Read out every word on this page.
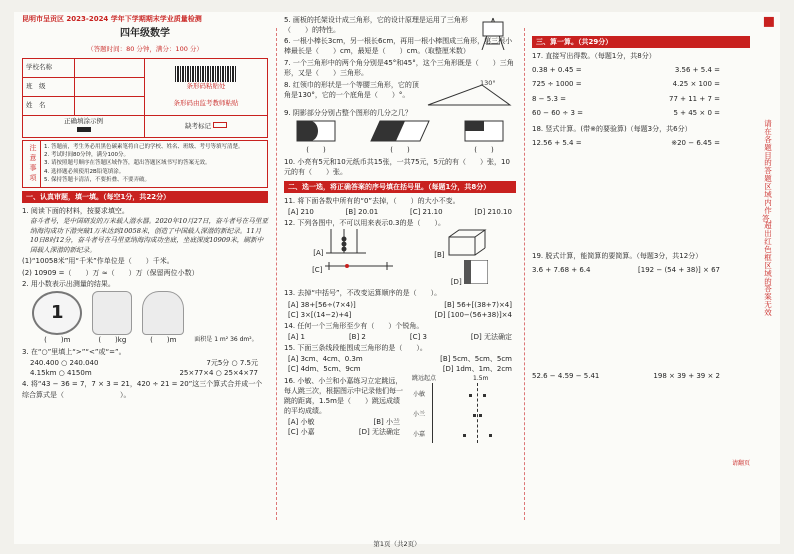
▪
昆明市呈贡区 2023-2024 学年下学期期末学业质量检测
四年级数学
（答题时间：80 分钟，满分：100 分）
学校名称		条形码粘贴处
条形码由监考教师粘贴

班　级		
姓　名		
正确填涂示例		缺考标记
注意事项	1. 答题前，考生务必用黑色碳素笔将自己的学校、姓名、班级、考号等填写清楚。
2. 考试时间80分钟，满分100分。
3. 请按照题号顺序在答题区域作答，超出答题区域书写的答案无效。
4. 选择题必须使用2B铅笔填涂。
5. 保持答题卡清洁，不要折叠、不要弄破。
一、认真审题，填一填。（每空1分，共22分）
1. 阅读下面的材料，按要求填空。
奋斗者号，是中国研发的万米载人潜水器。2020年10月27日，奋斗者号在马里亚纳海沟成功下潜突破1万米达到10058米，创造了中国载人深潜的新纪录。11月10日8时12分，奋斗者号在马里亚纳海沟成功坐底，坐底深度10909米，刷新中国载人深潜的新纪录。
(1)“10058米”用“千米”作单位是（　　）千米。
(2) 10909 =（　　）万 ≈（　　）万（保留两位小数）
2. 用小数表示出测量的结果。
1
(　　)m	(　　)kg	(　　)m	面积是 1 m² 36 dm²。
3. 在“○”里填上“>”“<”或“=”。
240.400 ○ 240.040	7元5分 ○ 7.5元
4.15km ○ 4150m	25×77×4 ○ 25×4×77
4. 将“43 − 36 = 7，7 × 3 = 21，420 ÷ 21 = 20”这三个算式合并成一个综合算式是（　　　　　　　　）。
5. 画板的托架设计成三角形，它的设计原理是运用了三角形（　　）的特性。
6. 一根小棒长3cm，另一根长6cm，再用一根小棒围成三角形，第三根小棒最长是（　　）cm，最短是（　　）cm。（取整厘米数）
7. 一个三角形中的两个角分别是45°和45°，这个三角形既是（　　）三角形，又是（　　）三角形。
8. 红领巾的形状是一个等腰三角形，它的顶角是130°，它的一个底角是（　　）°。
130°
9. 阴影部分分别占整个图形的几分之几？
(　　)	(　　)	(　　)
10. 小亮有5元和10元纸币共15张，一共75元，5元的有（　　）张，10元的有（　　）张。
二、选一选，将正确答案的序号填在括号里。（每题1分，共8分）
11. 将下面各数中所有的“0”去掉，（　　）的大小不变。
[A] 210	[B] 20.01	[C] 21.10	[D] 210.10
12. 下列各图中，不可以用来表示0.3的是（　　）。
[A]	[B]
[C]
[D]
13. 去掉“中括号”，不改变运算顺序的是（　　）。
[A] 38+[56÷(7×4)]	[B] 56+[(38+7)×4]
[C] 3×[(14−2)+4]	[D] [100−(56+38)]×4
14. 任何一个三角形至少有（　　）个锐角。
[A] 1	[B] 2	[C] 3	[D] 无法确定
15. 下面三条线段能围成三角形的是（　　）。
[A] 3cm、4cm、0.3m	[B] 5cm、5cm、5cm
[C] 4dm、5cm、9cm	[D] 1dm、1m、2cm
16. 小敏、小兰和小嘉练习立定跳远，每人跳三次，根据图示中记录他们每一跳的距离，1.5m是（　　）跳远成绩的平均成绩。
[A] 小敏	[B] 小兰
[C] 小嘉	[D] 无法确定
跳远起点	1.5m
小敏
小兰
小嘉
三、算一算。（共29分）
17. 直接写出得数。（每题1分，共8分）
0.38 + 0.45 =	3.56 + 5.4 =
725 ÷ 1000 =	4.25 × 100 =
8 − 5.3 =	77 + 11 + 7 =
60 − 60 ÷ 3 =	5 + 45 × 0 =
18. 竖式计算。(带※的要验算)（每题3分，共6分）
12.56 + 5.4 =	※20 − 6.45 =
19. 脱式计算，能简算的要简算。（每题3分，共12分）
3.6 + 7.68 + 6.4	[192 − (54 + 38)] × 67
52.6 − 4.59 − 5.41	198 × 39 + 39 × 2
请翻页
请在各题目的答题区域内作答，超出红色框区域的答案无效
第1页（共2页）
